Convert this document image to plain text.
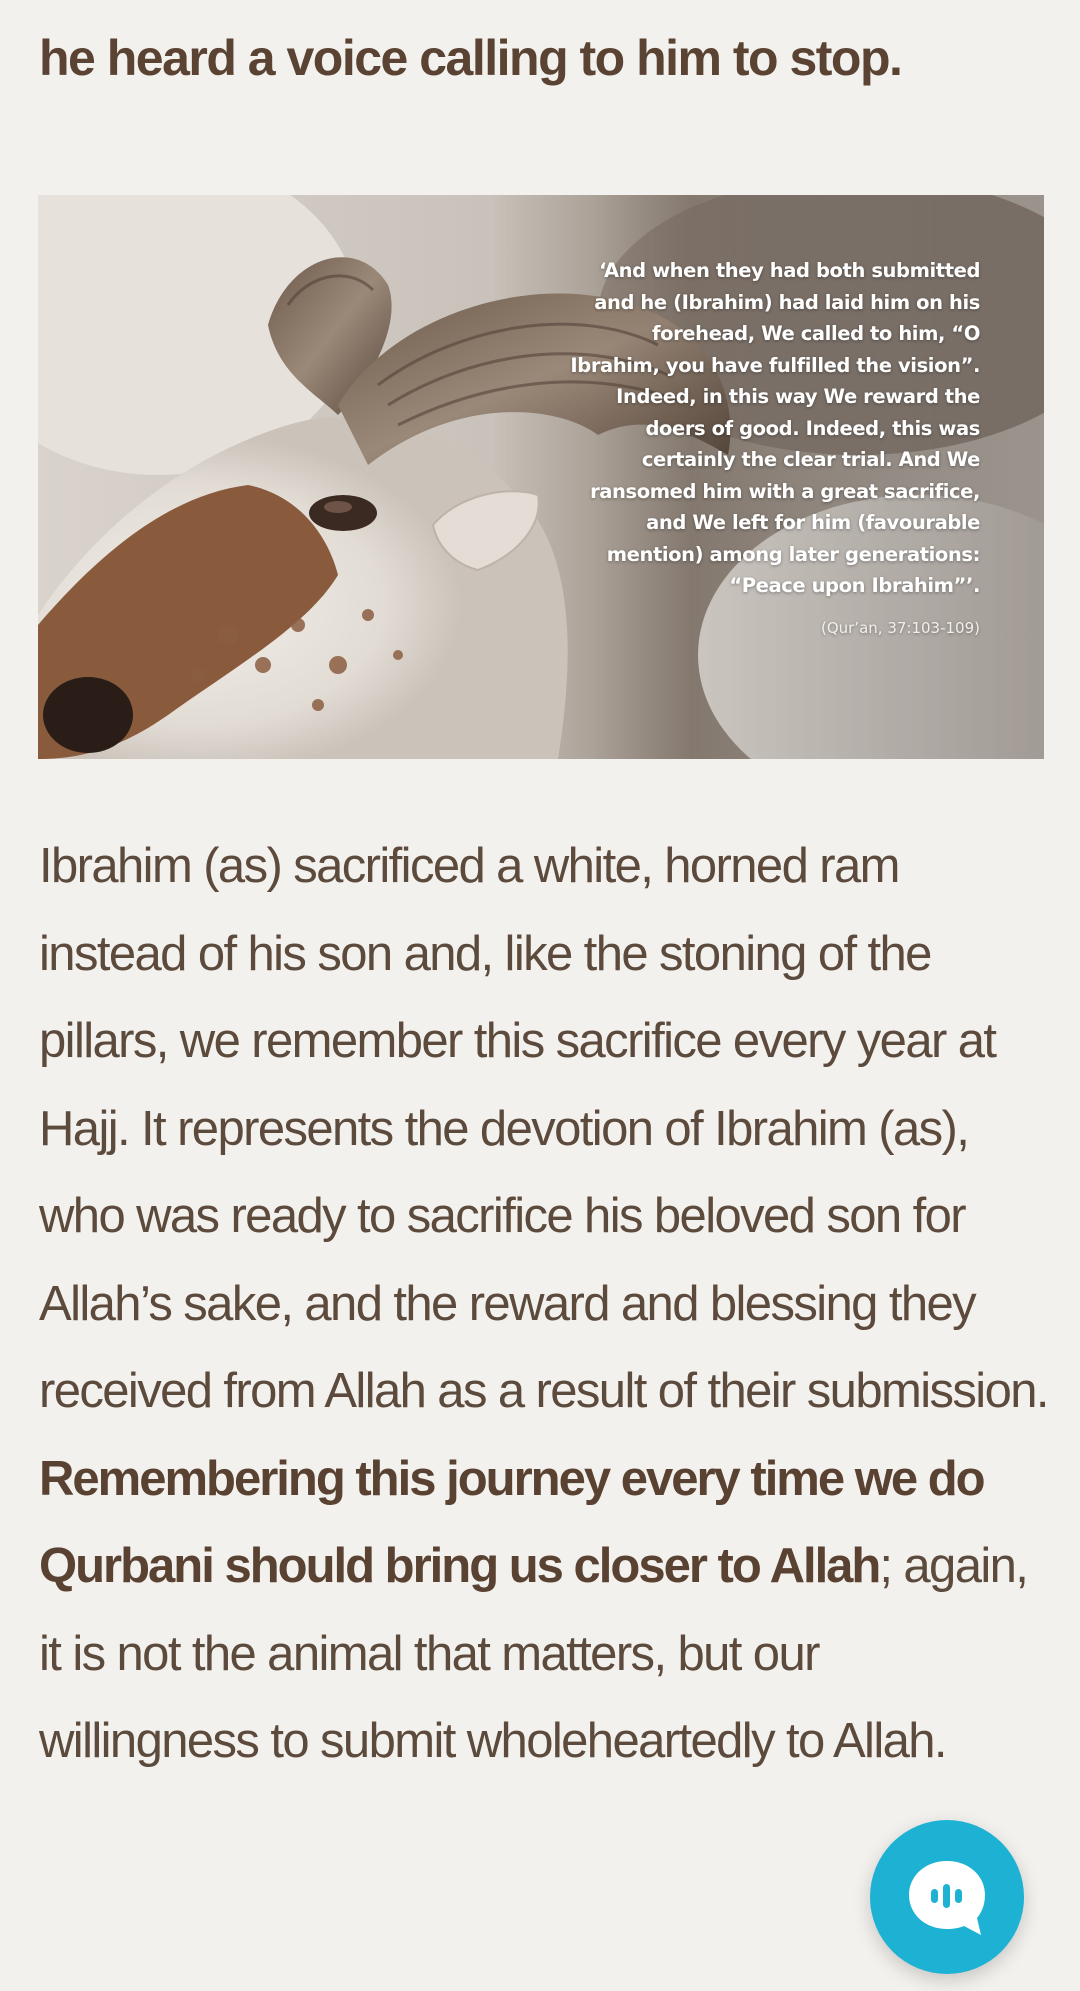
he heard a voice calling to him to stop.

‘And when they had both submitted and he (Ibrahim) had laid him on his forehead, We called to him, “O Ibrahim, you have fulfilled the vision”. Indeed, in this way We reward the doers of good. Indeed, this was certainly the clear trial. And We ransomed him with a great sacrifice, and We left for him (favourable mention) among later generations: “Peace upon Ibrahim”’.

(Qur’an, 37:103-109)

Ibrahim (as) sacrificed a white, horned ram instead of his son and, like the stoning of the pillars, we remember this sacrifice every year at Hajj. It represents the devotion of Ibrahim (as), who was ready to sacrifice his beloved son for Allah’s sake, and the reward and blessing they received from Allah as a result of their submission. Remembering this journey every time we do Qurbani should bring us closer to Allah; again, it is not the animal that matters, but our willingness to submit wholeheartedly to Allah.
